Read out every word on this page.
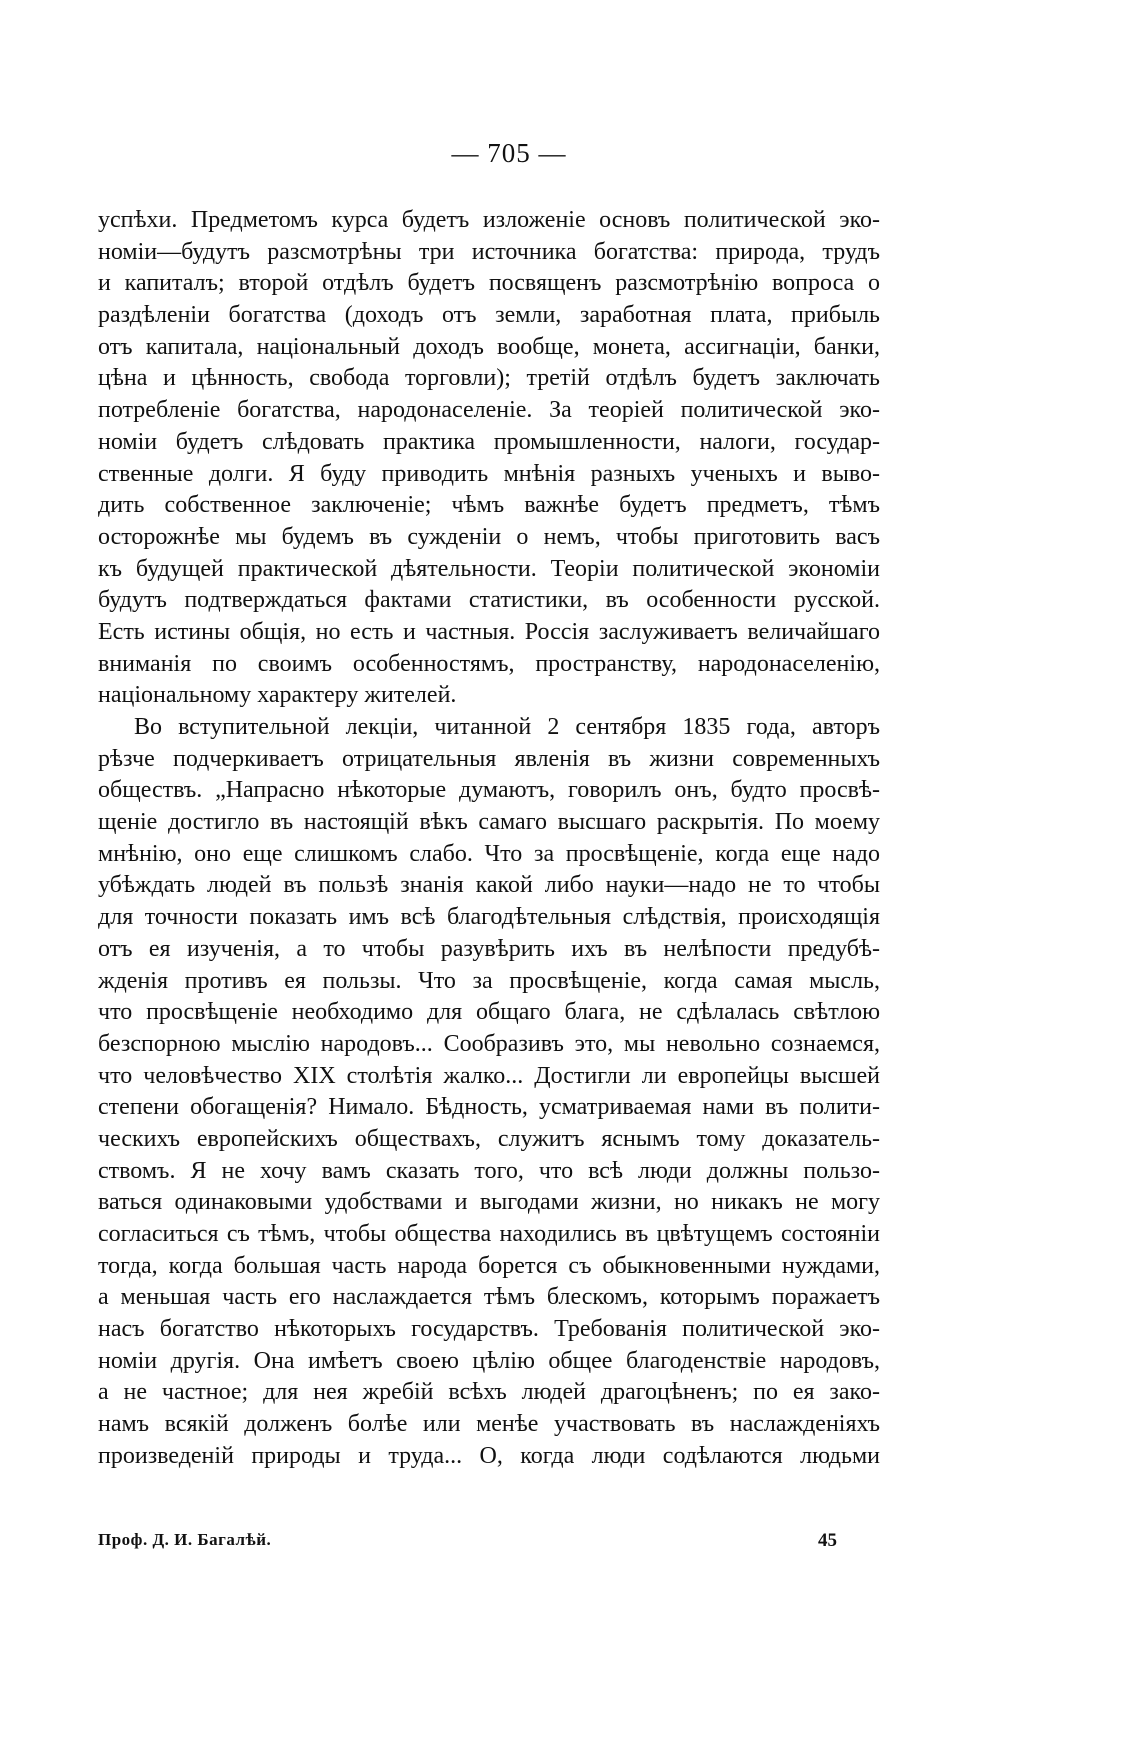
— 705 —
успѣхи. Предметомъ курса будетъ изложеніе основъ политической эко-
номіи—будутъ разсмотрѣны три источника богатства: природа, трудъ
и капиталъ; второй отдѣлъ будетъ посвященъ разсмотрѣнію вопроса о
раздѣленіи богатства (доходъ отъ земли, заработная плата, прибыль
отъ капитала, національный доходъ вообще, монета, ассигнаціи, банки,
цѣна и цѣнность, свобода торговли); третій отдѣлъ будетъ заключать
потребленіе богатства, народонаселеніе. За теоріей политической эко-
номіи будетъ слѣдовать практика промышленности, налоги, государ-
ственные долги. Я буду приводить мнѣнія разныхъ ученыхъ и выво-
дить собственное заключеніе; чѣмъ важнѣе будетъ предметъ, тѣмъ
осторожнѣе мы будемъ въ сужденіи о немъ, чтобы приготовить васъ
къ будущей практической дѣятельности. Теоріи политической экономіи
будутъ подтверждаться фактами статистики, въ особенности русской.
Есть истины общія, но есть и частныя. Россія заслуживаетъ величайшаго
вниманія по своимъ особенностямъ, пространству, народонаселенію,
національному характеру жителей.
Во вступительной лекціи, читанной 2 сентября 1835 года, авторъ
рѣзче подчеркиваетъ отрицательныя явленія въ жизни современныхъ
обществъ. „Напрасно нѣкоторые думаютъ, говорилъ онъ, будто просвѣ-
щеніе достигло въ настоящій вѣкъ самаго высшаго раскрытія. По моему
мнѣнію, оно еще слишкомъ слабо. Что за просвѣщеніе, когда еще надо
убѣждать людей въ пользѣ знанія какой либо науки—надо не то чтобы
для точности показать имъ всѣ благодѣтельныя слѣдствія, происходящія
отъ ея изученія, а то чтобы разувѣрить ихъ въ нелѣпости предубѣ-
жденія противъ ея пользы. Что за просвѣщеніе, когда самая мысль,
что просвѣщеніе необходимо для общаго блага, не сдѣлалась свѣтлою
безспорною мыслію народовъ... Сообразивъ это, мы невольно сознаемся,
что человѣчество XIX столѣтія жалко... Достигли ли европейцы высшей
степени обогащенія? Нимало. Бѣдность, усматриваемая нами въ полити-
ческихъ европейскихъ обществахъ, служитъ яснымъ тому доказатель-
ствомъ. Я не хочу вамъ сказать того, что всѣ люди должны пользо-
ваться одинаковыми удобствами и выгодами жизни, но никакъ не могу
согласиться съ тѣмъ, чтобы общества находились въ цвѣтущемъ состояніи
тогда, когда большая часть народа борется съ обыкновенными нуждами,
а меньшая часть его наслаждается тѣмъ блескомъ, которымъ поражаетъ
насъ богатство нѣкоторыхъ государствъ. Требованія политической эко-
номіи другія. Она имѣетъ своею цѣлію общее благоденствіе народовъ,
а не частное; для нея жребій всѣхъ людей драгоцѣненъ; по ея зако-
намъ всякій долженъ болѣе или менѣе участвовать въ наслажденіяхъ
произведеній природы и труда... О, когда люди содѣлаются людьми
Проф. Д. И. Багалѣй.	45
